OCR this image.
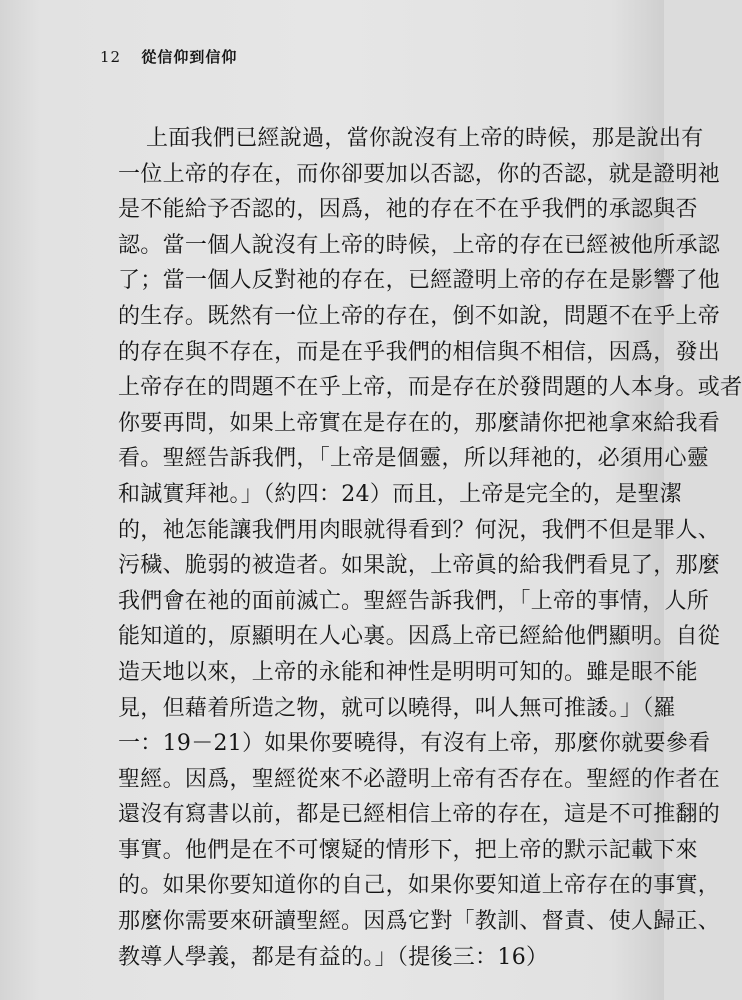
12 從信仰到信仰
上面我們已經說過，當你說沒有上帝的時候，那是說出有
一位上帝的存在，而你卻要加以否認，你的否認，就是證明祂
是不能給予否認的，因爲，祂的存在不在乎我們的承認與否
認。當一個人說沒有上帝的時候，上帝的存在已經被他所承認
了；當一個人反對祂的存在，已經證明上帝的存在是影響了他
的生存。既然有一位上帝的存在，倒不如說，問題不在乎上帝
的存在與不存在，而是在乎我們的相信與不相信，因爲，發出
上帝存在的問題不在乎上帝，而是存在於發問題的人本身。或者
你要再問，如果上帝實在是存在的，那麼請你把祂拿來給我看
看。聖經告訴我們，「上帝是個靈，所以拜祂的，必須用心靈
和誠實拜祂。」（約四：24）而且，上帝是完全的，是聖潔
的，祂怎能讓我們用肉眼就得看到？何況，我們不但是罪人、
污穢、脆弱的被造者。如果說，上帝眞的給我們看見了，那麼
我們會在祂的面前滅亡。聖經告訴我們，「上帝的事情，人所
能知道的，原顯明在人心裏。因爲上帝已經給他們顯明。自從
造天地以來，上帝的永能和神性是明明可知的。雖是眼不能
見，但藉着所造之物，就可以曉得，叫人無可推諉。」（羅
一：19－21）如果你要曉得，有沒有上帝，那麼你就要參看
聖經。因爲，聖經從來不必證明上帝有否存在。聖經的作者在
還沒有寫書以前，都是已經相信上帝的存在，這是不可推翻的
事實。他們是在不可懷疑的情形下，把上帝的默示記載下來
的。如果你要知道你的自己，如果你要知道上帝存在的事實，
那麼你需要來研讀聖經。因爲它對「教訓、督責、使人歸正、
教導人學義，都是有益的。」（提後三：16）
